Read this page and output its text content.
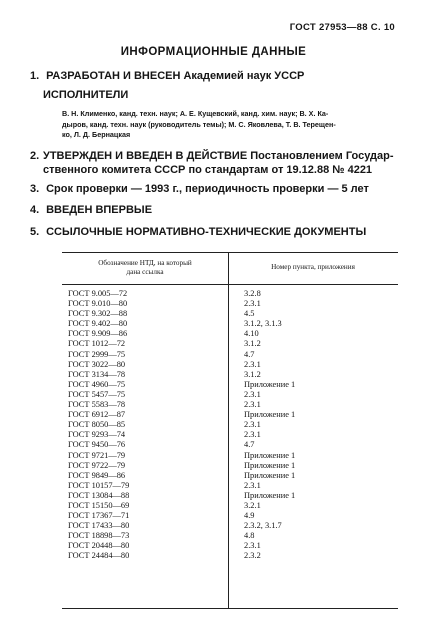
ГОСТ 27953—88 С. 10
ИНФОРМАЦИОННЫЕ ДАННЫЕ
1. РАЗРАБОТАН И ВНЕСЕН Академией наук УССР
ИСПОЛНИТЕЛИ
В. Н. Клименко, канд. техн. наук; А. Е. Кущевский, канд. хим. наук; В. Х. Ка-
дыров, канд. техн. наук (руководитель темы); М. С. Яковлева, Т. В. Терещен-
ко, Л. Д. Бернацкая
2. УТВЕРЖДЕН И ВВЕДЕН В ДЕЙСТВИЕ Постановлением Государ-
ственного комитета СССР по стандартам от 19.12.88 № 4221
3. Срок проверки — 1993 г., периодичность проверки — 5 лет
4. ВВЕДЕН ВПЕРВЫЕ
5. ССЫЛОЧНЫЕ НОРМАТИВНО-ТЕХНИЧЕСКИЕ ДОКУМЕНТЫ
Обозначение НТД, на который
дана ссылка
Номер пункта, приложения
ГОСТ 9.005—72	3.2.8
ГОСТ 9.010—80	2.3.1
ГОСТ 9.302—88	4.5
ГОСТ 9.402—80	3.1.2, 3.1.3
ГОСТ 9.909—86	4.10
ГОСТ 1012—72	3.1.2
ГОСТ 2999—75	4.7
ГОСТ 3022—80	2.3.1
ГОСТ 3134—78	3.1.2
ГОСТ 4960—75	Приложение 1
ГОСТ 5457—75	2.3.1
ГОСТ 5583—78	2.3.1
ГОСТ 6912—87	Приложение 1
ГОСТ 8050—85	2.3.1
ГОСТ 9293—74	2.3.1
ГОСТ 9450—76	4.7
ГОСТ 9721—79	Приложение 1
ГОСТ 9722—79	Приложение 1
ГОСТ 9849—86	Приложение 1
ГОСТ 10157—79	2.3.1
ГОСТ 13084—88	Приложение 1
ГОСТ 15150—69	3.2.1
ГОСТ 17367—71	4.9
ГОСТ 17433—80	2.3.2, 3.1.7
ГОСТ 18898—73	4.8
ГОСТ 20448—80	2.3.1
ГОСТ 24484—80	2.3.2
